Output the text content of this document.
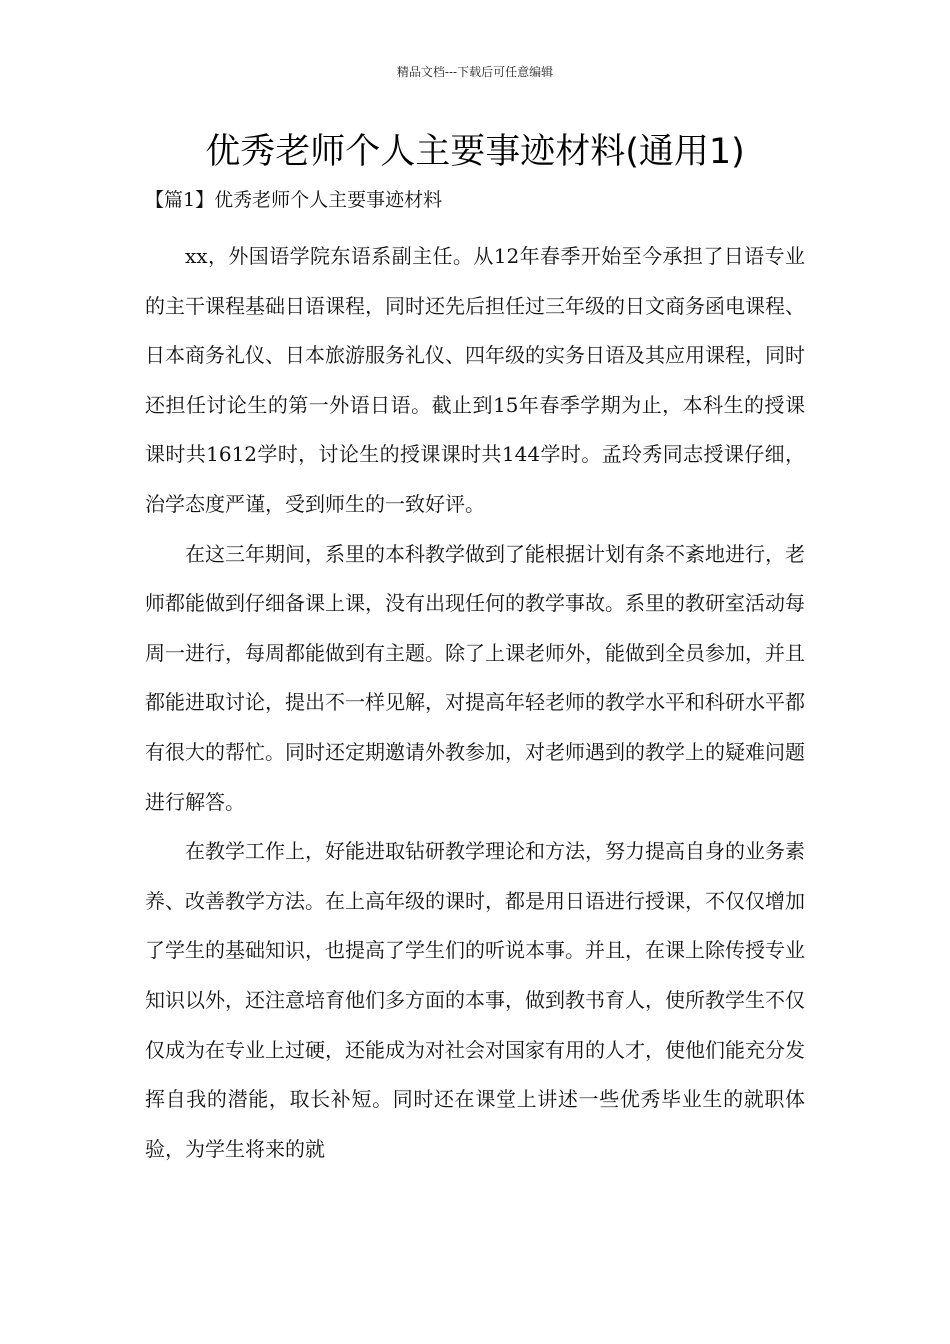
精品文档---下载后可任意编辑
优秀老师个人主要事迹材料(通用1)
【篇1】优秀老师个人主要事迹材料

xx，外国语学院东语系副主任。从12年春季开始至今承担了日语专业的主干课程基础日语课程，同时还先后担任过三年级的日文商务函电课程、日本商务礼仪、日本旅游服务礼仪、四年级的实务日语及其应用课程，同时还担任讨论生的第一外语日语。截止到15年春季学期为止，本科生的授课课时共1612学时，讨论生的授课课时共144学时。孟玲秀同志授课仔细，治学态度严谨，受到师生的一致好评。

在这三年期间，系里的本科教学做到了能根据计划有条不紊地进行，老师都能做到仔细备课上课，没有出现任何的教学事故。系里的教研室活动每周一进行，每周都能做到有主题。除了上课老师外，能做到全员参加，并且都能进取讨论，提出不一样见解，对提高年轻老师的教学水平和科研水平都有很大的帮忙。同时还定期邀请外教参加，对老师遇到的教学上的疑难问题进行解答。

在教学工作上，好能进取钻研教学理论和方法，努力提高自身的业务素养、改善教学方法。在上高年级的课时，都是用日语进行授课，不仅仅增加了学生的基础知识，也提高了学生们的听说本事。并且，在课上除传授专业知识以外，还注意培育他们多方面的本事，做到教书育人，使所教学生不仅仅成为在专业上过硬，还能成为对社会对国家有用的人才，使他们能充分发挥自我的潜能，取长补短。同时还在课堂上讲述一些优秀毕业生的就职体验，为学生将来的就
